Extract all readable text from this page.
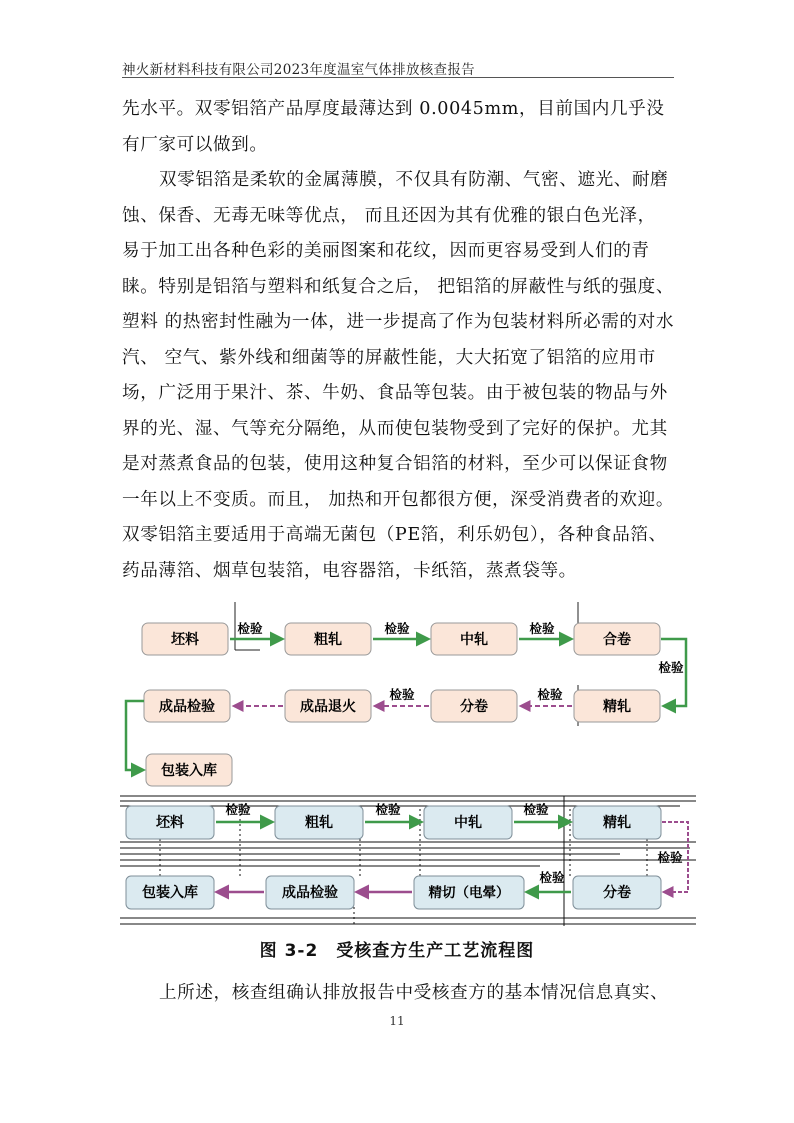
神火新材料科技有限公司2023年度温室气体排放核查报告

先水平。双零铝箔产品厚度最薄达到 0.0045mm，目前国内几乎没有厂家可以做到。

双零铝箔是柔软的金属薄膜，不仅具有防潮、气密、遮光、耐磨蚀、保香、无毒无味等优点， 而且还因为其有优雅的银白色光泽， 易于加工出各种色彩的美丽图案和花纹，因而更容易受到人们的青睐。特别是铝箔与塑料和纸复合之后， 把铝箔的屏蔽性与纸的强度、塑料 的热密封性融为一体，进一步提高了作为包装材料所必需的对水汽、 空气、紫外线和细菌等的屏蔽性能，大大拓宽了铝箔的应用市场，广泛用于果汁、茶、牛奶、食品等包装。由于被包装的物品与外界的光、湿、气等充分隔绝，从而使包装物受到了完好的保护。尤其是对蒸煮食品的包装，使用这种复合铝箔的材料，至少可以保证食物一年以上不变质。而且， 加热和开包都很方便，深受消费者的欢迎。双零铝箔主要适用于高端无菌包（PE箔，利乐奶包），各种食品箔、药品薄箔、烟草包装箔，电容器箔，卡纸箔，蒸煮袋等。

坯料	粗轧	中轧	合卷
精轧
分卷
成品退火
成品检验
包装入库
检验	检验	检验
检验
检验
检验
坯料	粗轧	中轧	精轧
分卷
精切（电晕）
成品检验
包装入库
检验	检验	检验
检验
检验
图 3-2　受核查方生产工艺流程图

上所述，核查组确认排放报告中受核查方的基本情况信息真实、

11
